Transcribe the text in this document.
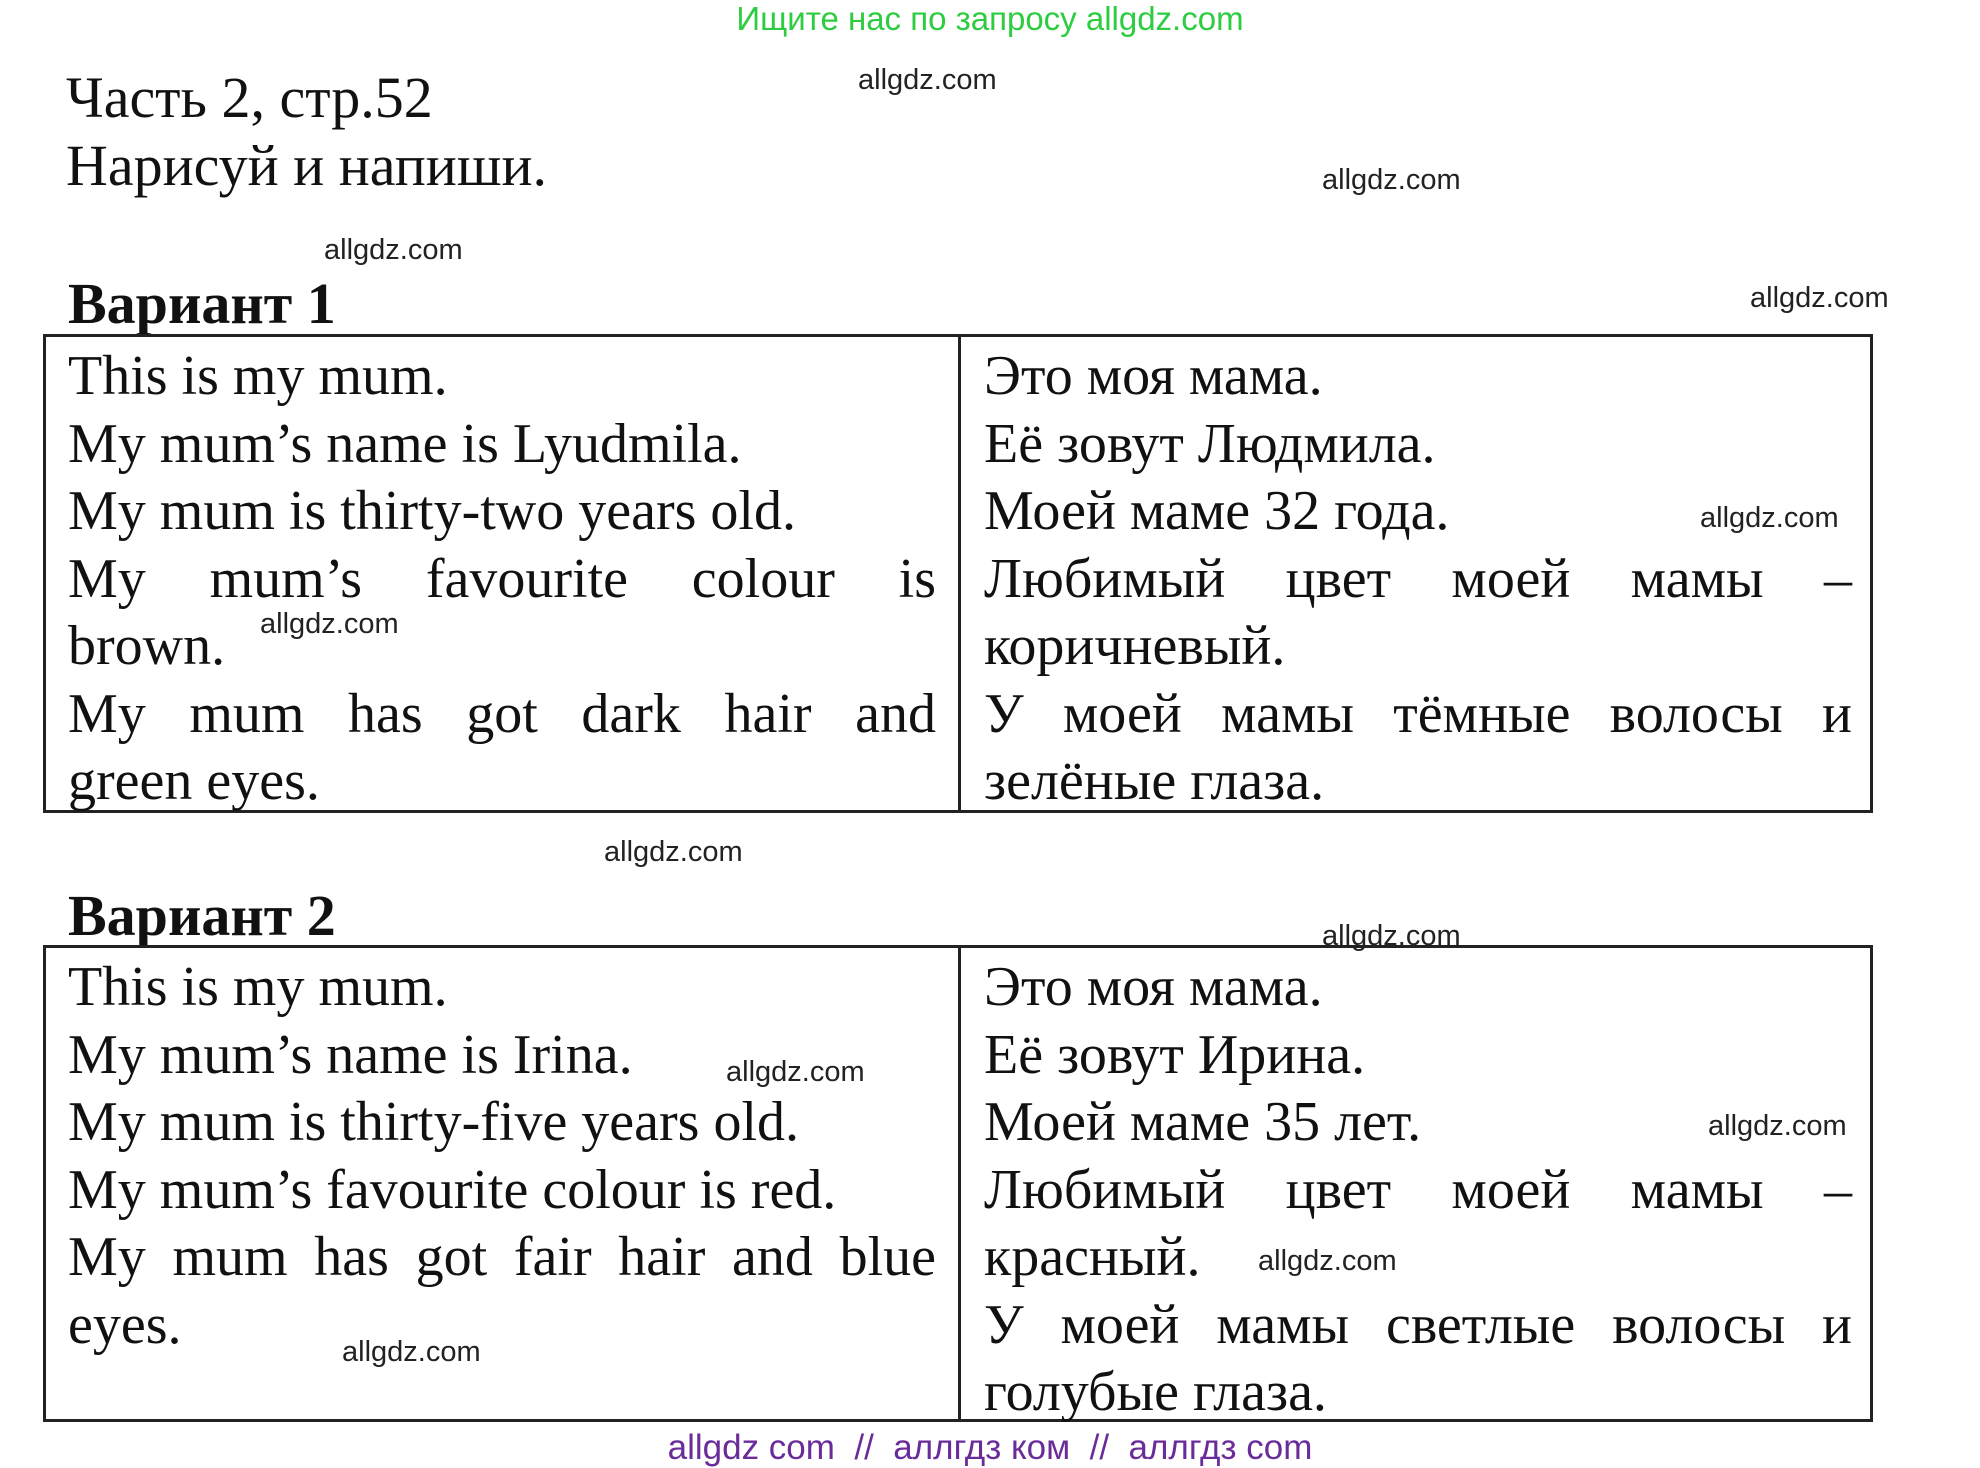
Ищите нас по запросу allgdz.com
Часть 2, стр.52
Нарисуй и напиши.
allgdz.com
allgdz.com
allgdz.com
allgdz.com
allgdz.com
allgdz.com
allgdz.com
allgdz.com
allgdz.com
allgdz.com
allgdz.com
allgdz.com
Вариант 1
This is my mum.
My mum’s name is Lyudmila.
My mum is thirty-two years old.
My mum’s favourite colour is
brown.
My mum has got dark hair and
green eyes.
Это моя мама.
Её зовут Людмила.
Моей маме 32 года.
Любимый цвет моей мамы –
коричневый.
У моей мамы тёмные волосы и
зелёные глаза.
Вариант 2
This is my mum.
My mum’s name is Irina.
My mum is thirty-five years old.
My mum’s favourite colour is red.
My mum has got fair hair and blue
eyes.
Это моя мама.
Её зовут Ирина.
Моей маме 35 лет.
Любимый цвет моей мамы –
красный.
У моей мамы светлые волосы и
голубые глаза.
allgdz com  //  аллгдз ком  //  аллгдз com
